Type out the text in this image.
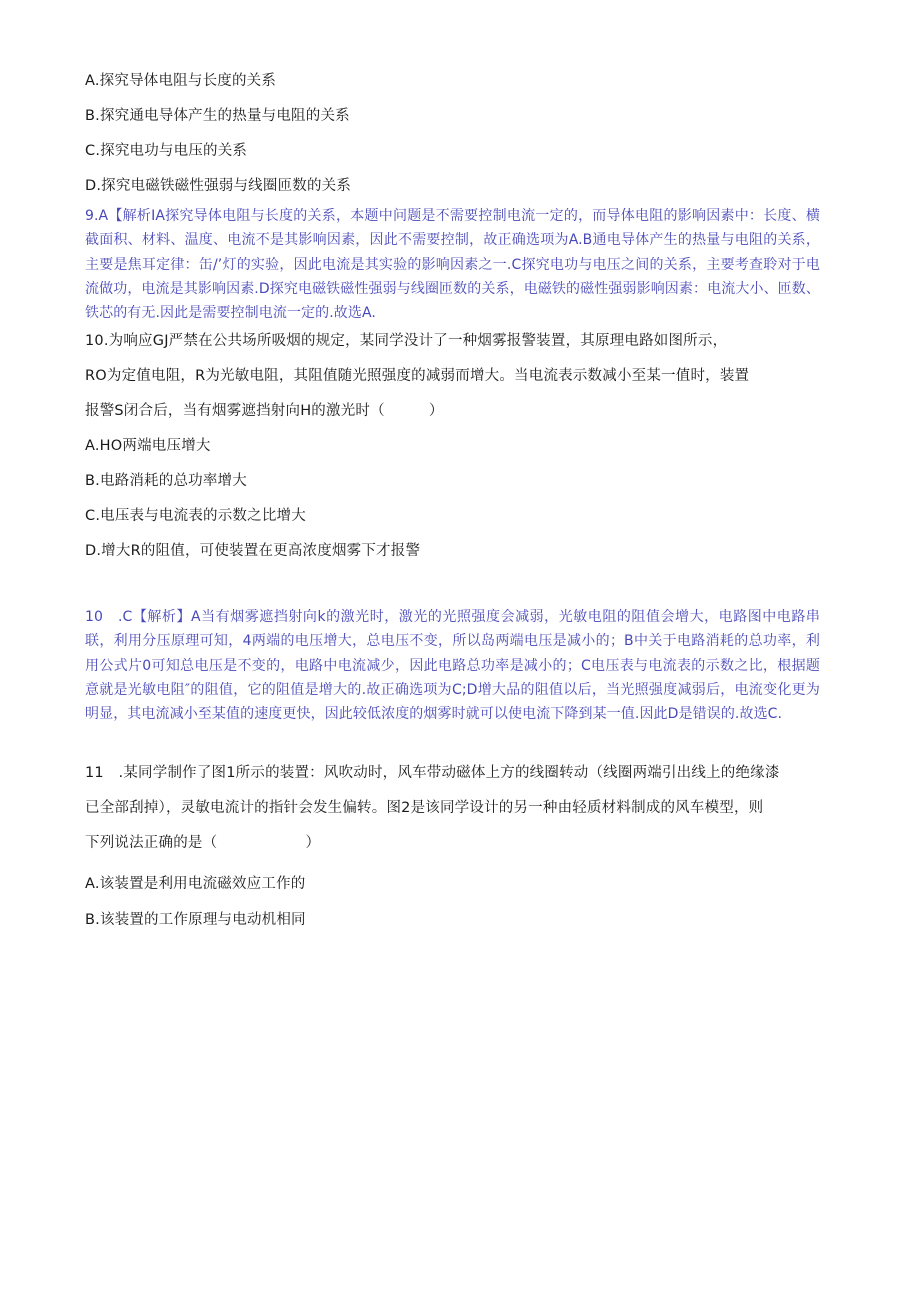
A.探究导体电阻与长度的关系
B.探究通电导体产生的热量与电阻的关系
C.探究电功与电压的关系
D.探究电磁铁磁性强弱与线圈匝数的关系
9.A【解析IA探究导体电阻与长度的关系，本题中问题是不需要控制电流一定的，而导体电阻的影响因素中：长度、横截面积、材料、温度、电流不是其影响因素，因此不需要控制，故正确选项为A.B通电导体产生的热量与电阻的关系，主要是焦耳定律：缶/’灯的实验，因此电流是其实验的影响因素之一.C探究电功与电压之间的关系，主要考查聆对于电流做功，电流是其影响因素.D探究电磁铁磁性强弱与线圈匝数的关系，电磁铁的磁性强弱影响因素：电流大小、匝数、铁芯的有无.因此是需要控制电流一定的.故选A.
10.为响应GJ严禁在公共场所吸烟的规定，某同学没计了一种烟雾报警装置，其原理电路如图所示，
RO为定值电阻，R为光敏电阻，其阻值随光照强度的减弱而增大。当电流表示数减小至某一值时，装置
报警S闭合后，当有烟雾遮挡射向H的激光时（　　　）
A.HO两端电压增大
B.电路消耗的总功率增大
C.电压表与电流表的示数之比增大
D.增大R的阻值，可使装置在更高浓度烟雾下才报警
10　.C【解析】A当有烟雾遮挡射向k的激光时，激光的光照强度会减弱，光敏电阻的阻值会增大，电路图中电路串联，利用分压原理可知，4两端的电压增大，总电压不变，所以岛两端电压是减小的；B中关于电路消耗的总功率，利用公式片0可知总电压是不变的，电路中电流减少，因此电路总功率是减小的；C电压表与电流表的示数之比，根据题意就是光敏电阻″的阻值，它的阻值是增大的.故正确选项为C;D增大品的阻值以后，当光照强度减弱后，电流变化更为明显，其电流减小至某值的速度更快，因此较低浓度的烟雾时就可以使电流下降到某一值.因此D是错误的.故选C.
11　.某同学制作了图1所示的装置：风吹动时，风车带动磁体上方的线圈转动（线圈两端引出线上的绝缘漆
已全部刮掉），灵敏电流计的指针会发生偏转。图2是该同学设计的另一种由轻质材料制成的风车模型，则
下列说法正确的是（　　　　　　）
A.该装置是利用电流磁效应工作的
B.该装置的工作原理与电动机相同
